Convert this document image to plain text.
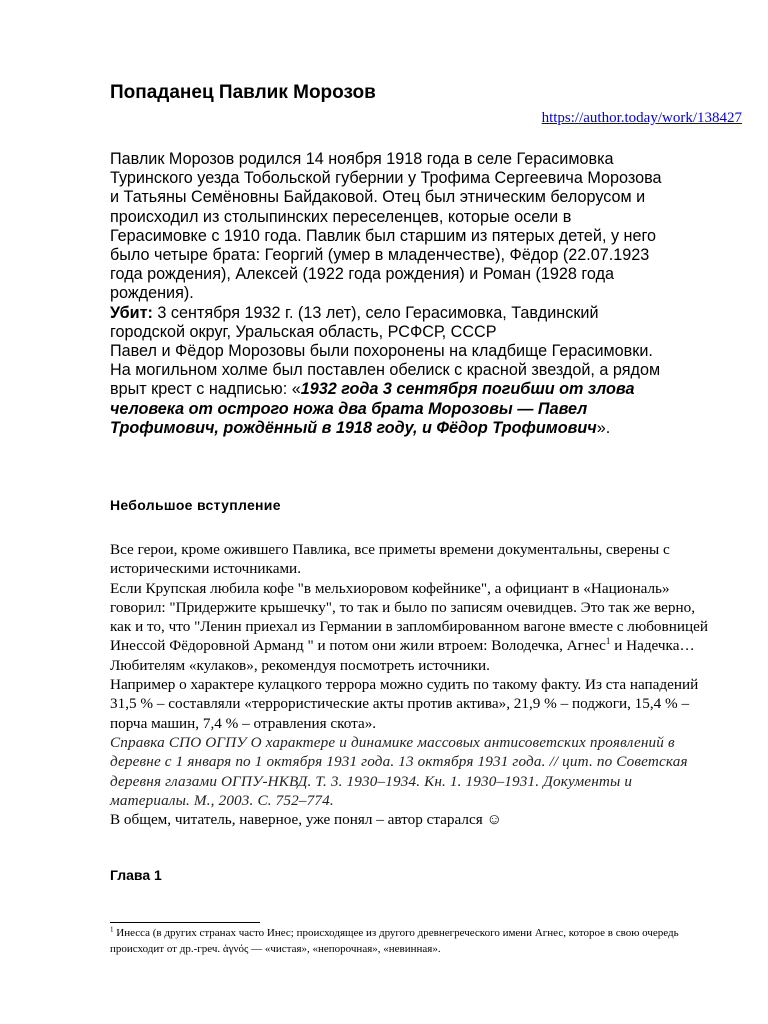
Попаданец Павлик Морозов
https://author.today/work/138427

Павлик Морозов родился 14 ноября 1918 года в селе Герасимовка Туринского уезда Тобольской губернии у Трофима Сергеевича Морозова и Татьяны Семёновны Байдаковой. Отец был этническим белорусом и происходил из столыпинских переселенцев, которые осели в Герасимовке с 1910 года. Павлик был старшим из пятерых детей, у него было четыре брата: Георгий (умер в младенчестве), Фёдор (22.07.1923 года рождения), Алексей (1922 года рождения) и Роман (1928 года рождения).

Убит: 3 сентября 1932 г. (13 лет), село Герасимовка, Тавдинский городской округ, Уральская область, РСФСР, СССР

Павел и Фёдор Морозовы были похоронены на кладбище Герасимовки. На могильном холме был поставлен обелиск с красной звездой, а рядом врыт крест с надписью: «1932 года 3 сентября погибши от злова человека от острого ножа два брата Морозовы — Павел Трофимович, рождённый в 1918 году, и Фёдор Трофимович».

Небольшое вступление

Все герои, кроме ожившего Павлика, все приметы времени документальны, сверены с историческими источниками.

Если Крупская любила кофе "в мельхиоровом кофейнике", а официант в «Националь» говорил: "Придержите крышечку", то так и было по записям очевидцев. Это так же верно, как и то, что "Ленин приехал из Германии в запломбированном вагоне вместе с любовницей Инессой Фёдоровной Арманд " и потом они жили втроем: Володечка, Агнес$^1$ и Надечка…

Любителям «кулаков», рекомендуя посмотреть источники.

Например о характере кулацкого террора можно судить по такому факту. Из ста нападений 31,5 % – составляли «террористические акты против актива», 21,9 % – поджоги, 15,4 % – порча машин, 7,4 % – отравления скота».

Справка СПО ОГПУ О характере и динамике массовых антисоветских проявлений в деревне с 1 января по 1 октября 1931 года. 13 октября 1931 года. // цит. по Советская деревня глазами ОГПУ-НКВД. Т. 3. 1930–1934. Кн. 1. 1930–1931. Документы и материалы. М., 2003. С. 752–774.

В общем, читатель, наверное, уже понял – автор старался ☺

Глава 1

$^1$ Инесса (в других странах часто Инес; происходящее из другого древнегреческого имени Агнес, которое в свою очередь происходит от др.-греч. ἁγνός — «чистая», «непорочная», «невинная».
